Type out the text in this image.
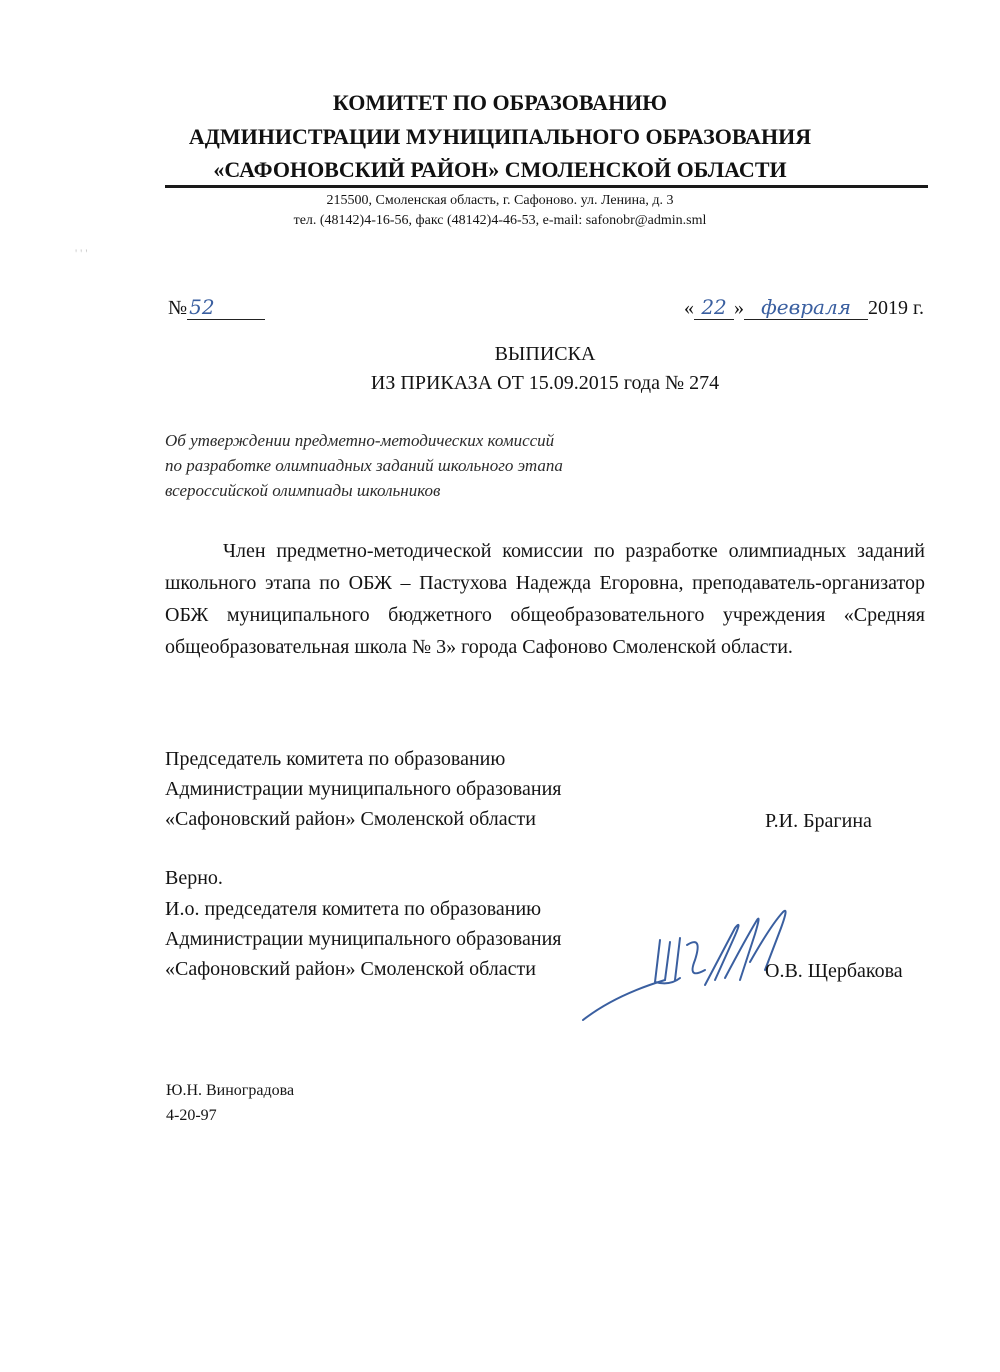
КОМИТЕТ ПО ОБРАЗОВАНИЮ
АДМИНИСТРАЦИИ МУНИЦИПАЛЬНОГО ОБРАЗОВАНИЯ
«САФОНОВСКИЙ РАЙОН» СМОЛЕНСКОЙ ОБЛАСТИ
215500, Смоленская область, г. Сафоново. ул. Ленина, д. 3
тел. (48142)4-16-56, факс (48142)4-46-53, e-mail: safonobr@admin.sml
' ' '
№ 52	« 22 » февраля 2019 г.
ВЫПИСКА
ИЗ ПРИКАЗА ОТ 15.09.2015 года № 274
Об утверждении предметно-методических комиссий
по разработке олимпиадных заданий школьного этапа
всероссийской олимпиады школьников
Член предметно-методической комиссии по разработке олимпиадных заданий школьного этапа по ОБЖ – Пастухова Надежда Егоровна, преподаватель-организатор ОБЖ муниципального бюджетного общеобразовательного учреждения «Средняя общеобразовательная школа № 3» города Сафоново Смоленской области.
Председатель комитета по образованию
Администрации муниципального образования
«Сафоновский район» Смоленской области	Р.И. Брагина
Верно.
И.о. председателя комитета по образованию
Администрации муниципального образования
«Сафоновский район» Смоленской области	О.В. Щербакова
Ю.Н. Виноградова
4-20-97
